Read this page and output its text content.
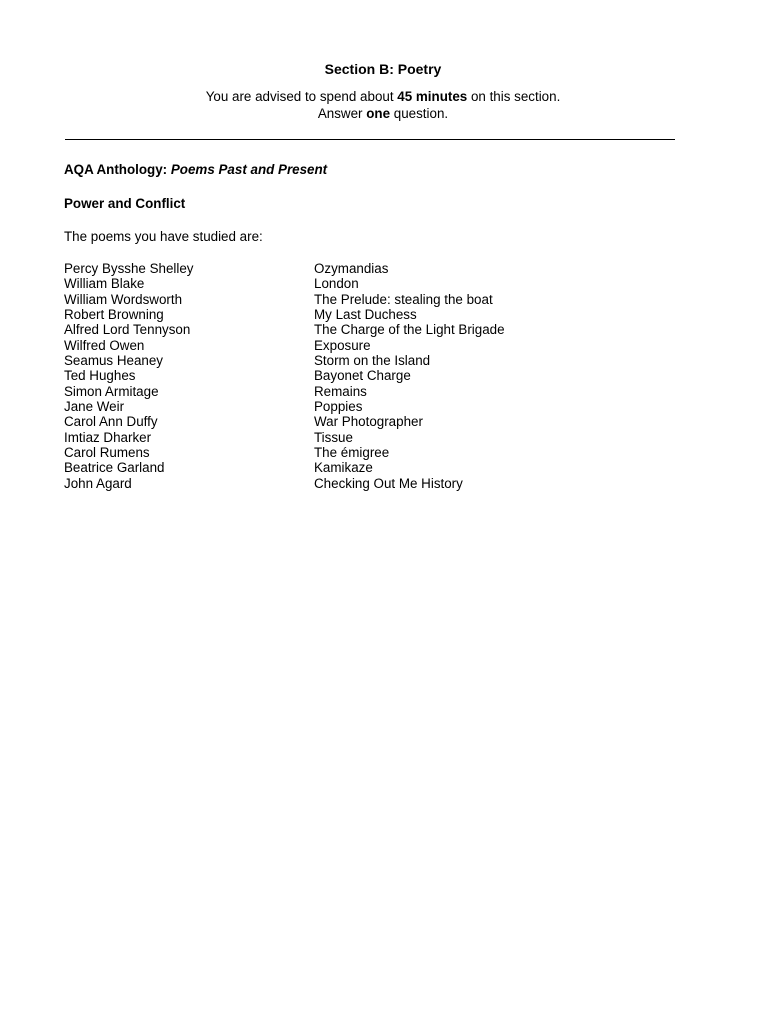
Section B: Poetry
You are advised to spend about 45 minutes on this section.
Answer one question.
AQA Anthology: Poems Past and Present
Power and Conflict
The poems you have studied are:
Percy Bysshe Shelley	Ozymandias
William Blake	London
William Wordsworth	The Prelude: stealing the boat
Robert Browning	My Last Duchess
Alfred Lord Tennyson	The Charge of the Light Brigade
Wilfred Owen	Exposure
Seamus Heaney	Storm on the Island
Ted Hughes	Bayonet Charge
Simon Armitage	Remains
Jane Weir	Poppies
Carol Ann Duffy	War Photographer
Imtiaz Dharker	Tissue
Carol Rumens	The émigree
Beatrice Garland	Kamikaze
John Agard	Checking Out Me History
